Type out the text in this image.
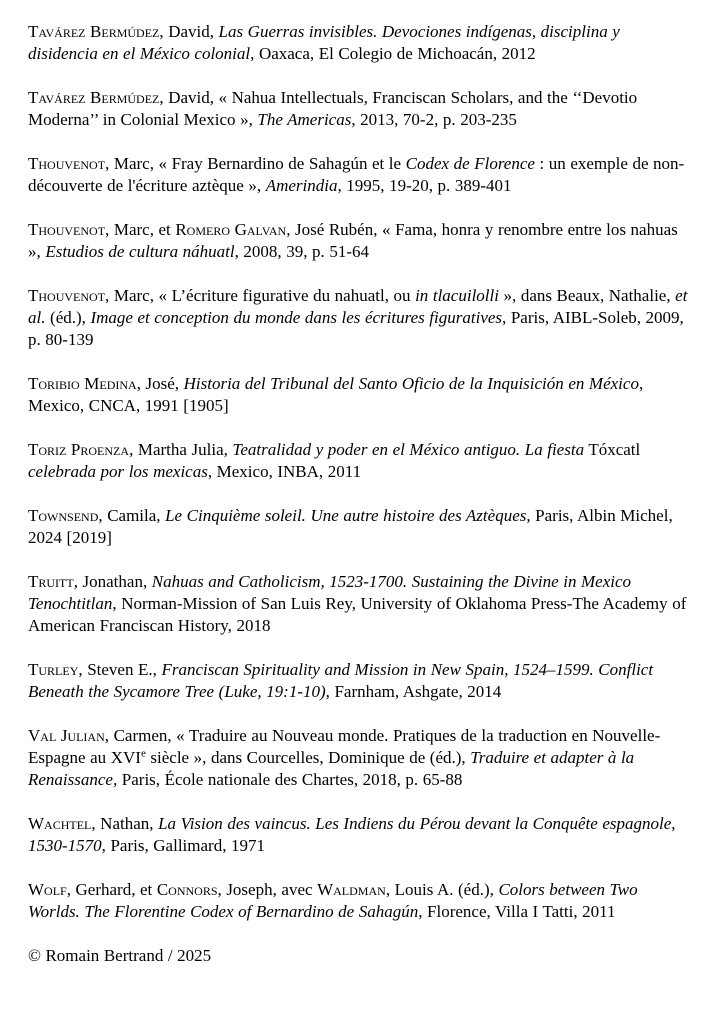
Tavárez Bermúdez, David, Las Guerras invisibles. Devociones indígenas, disciplina y disidencia en el México colonial, Oaxaca, El Colegio de Michoacán, 2012

Tavárez Bermúdez, David, « Nahua Intellectuals, Franciscan Scholars, and the ‘‘Devotio Moderna’’ in Colonial Mexico », The Americas, 2013, 70-2, p. 203-235

Thouvenot, Marc, « Fray Bernardino de Sahagún et le Codex de Florence : un exemple de non-découverte de l'écriture aztèque », Amerindia, 1995, 19-20, p. 389-401

Thouvenot, Marc, et Romero Galvan, José Rubén, « Fama, honra y renombre entre los nahuas », Estudios de cultura náhuatl, 2008, 39, p. 51-64

Thouvenot, Marc, « L’écriture figurative du nahuatl, ou in tlacuilolli », dans Beaux, Nathalie, et al. (éd.), Image et conception du monde dans les écritures figuratives, Paris, AIBL-Soleb, 2009, p. 80-139

Toribio Medina, José, Historia del Tribunal del Santo Oficio de la Inquisición en México, Mexico, CNCA, 1991 [1905]

Toriz Proenza, Martha Julia, Teatralidad y poder en el México antiguo. La fiesta Tóxcatl celebrada por los mexicas, Mexico, INBA, 2011

Townsend, Camila, Le Cinquième soleil. Une autre histoire des Aztèques, Paris, Albin Michel, 2024 [2019]

Truitt, Jonathan, Nahuas and Catholicism, 1523-1700. Sustaining the Divine in Mexico Tenochtitlan, Norman-Mission of San Luis Rey, University of Oklahoma Press-The Academy of American Franciscan History, 2018

Turley, Steven E., Franciscan Spirituality and Mission in New Spain, 1524–1599. Conflict Beneath the Sycamore Tree (Luke, 19:1-10), Farnham, Ashgate, 2014

Val Julian, Carmen, « Traduire au Nouveau monde. Pratiques de la traduction en Nouvelle-Espagne au XVIe siècle », dans Courcelles, Dominique de (éd.), Traduire et adapter à la Renaissance, Paris, École nationale des Chartes, 2018, p. 65-88

Wachtel, Nathan, La Vision des vaincus. Les Indiens du Pérou devant la Conquête espagnole, 1530-1570, Paris, Gallimard, 1971

Wolf, Gerhard, et Connors, Joseph, avec Waldman, Louis A. (éd.), Colors between Two Worlds. The Florentine Codex of Bernardino de Sahagún, Florence, Villa I Tatti, 2011

© Romain Bertrand / 2025
